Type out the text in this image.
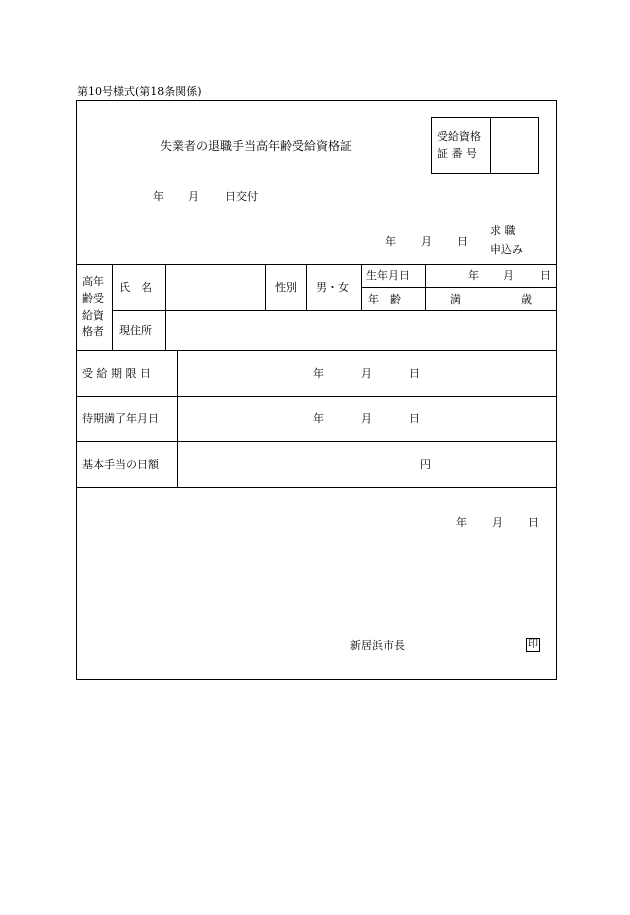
第10号様式(第18条関係)
失業者の退職手当高年齢受給資格証
受給資格
証 番 号
年 月 日交付
年 月 日
求 職
申込み
高年
齢受
給資
格者
氏　名	性別 男・女
生年月日	年 月 日
年　齢	満	歳
現住所
受 給 期 限 日	年	月	日
待期満了年月日	年	月	日
基本手当の日額	円
年 月 日
新居浜市長	印
